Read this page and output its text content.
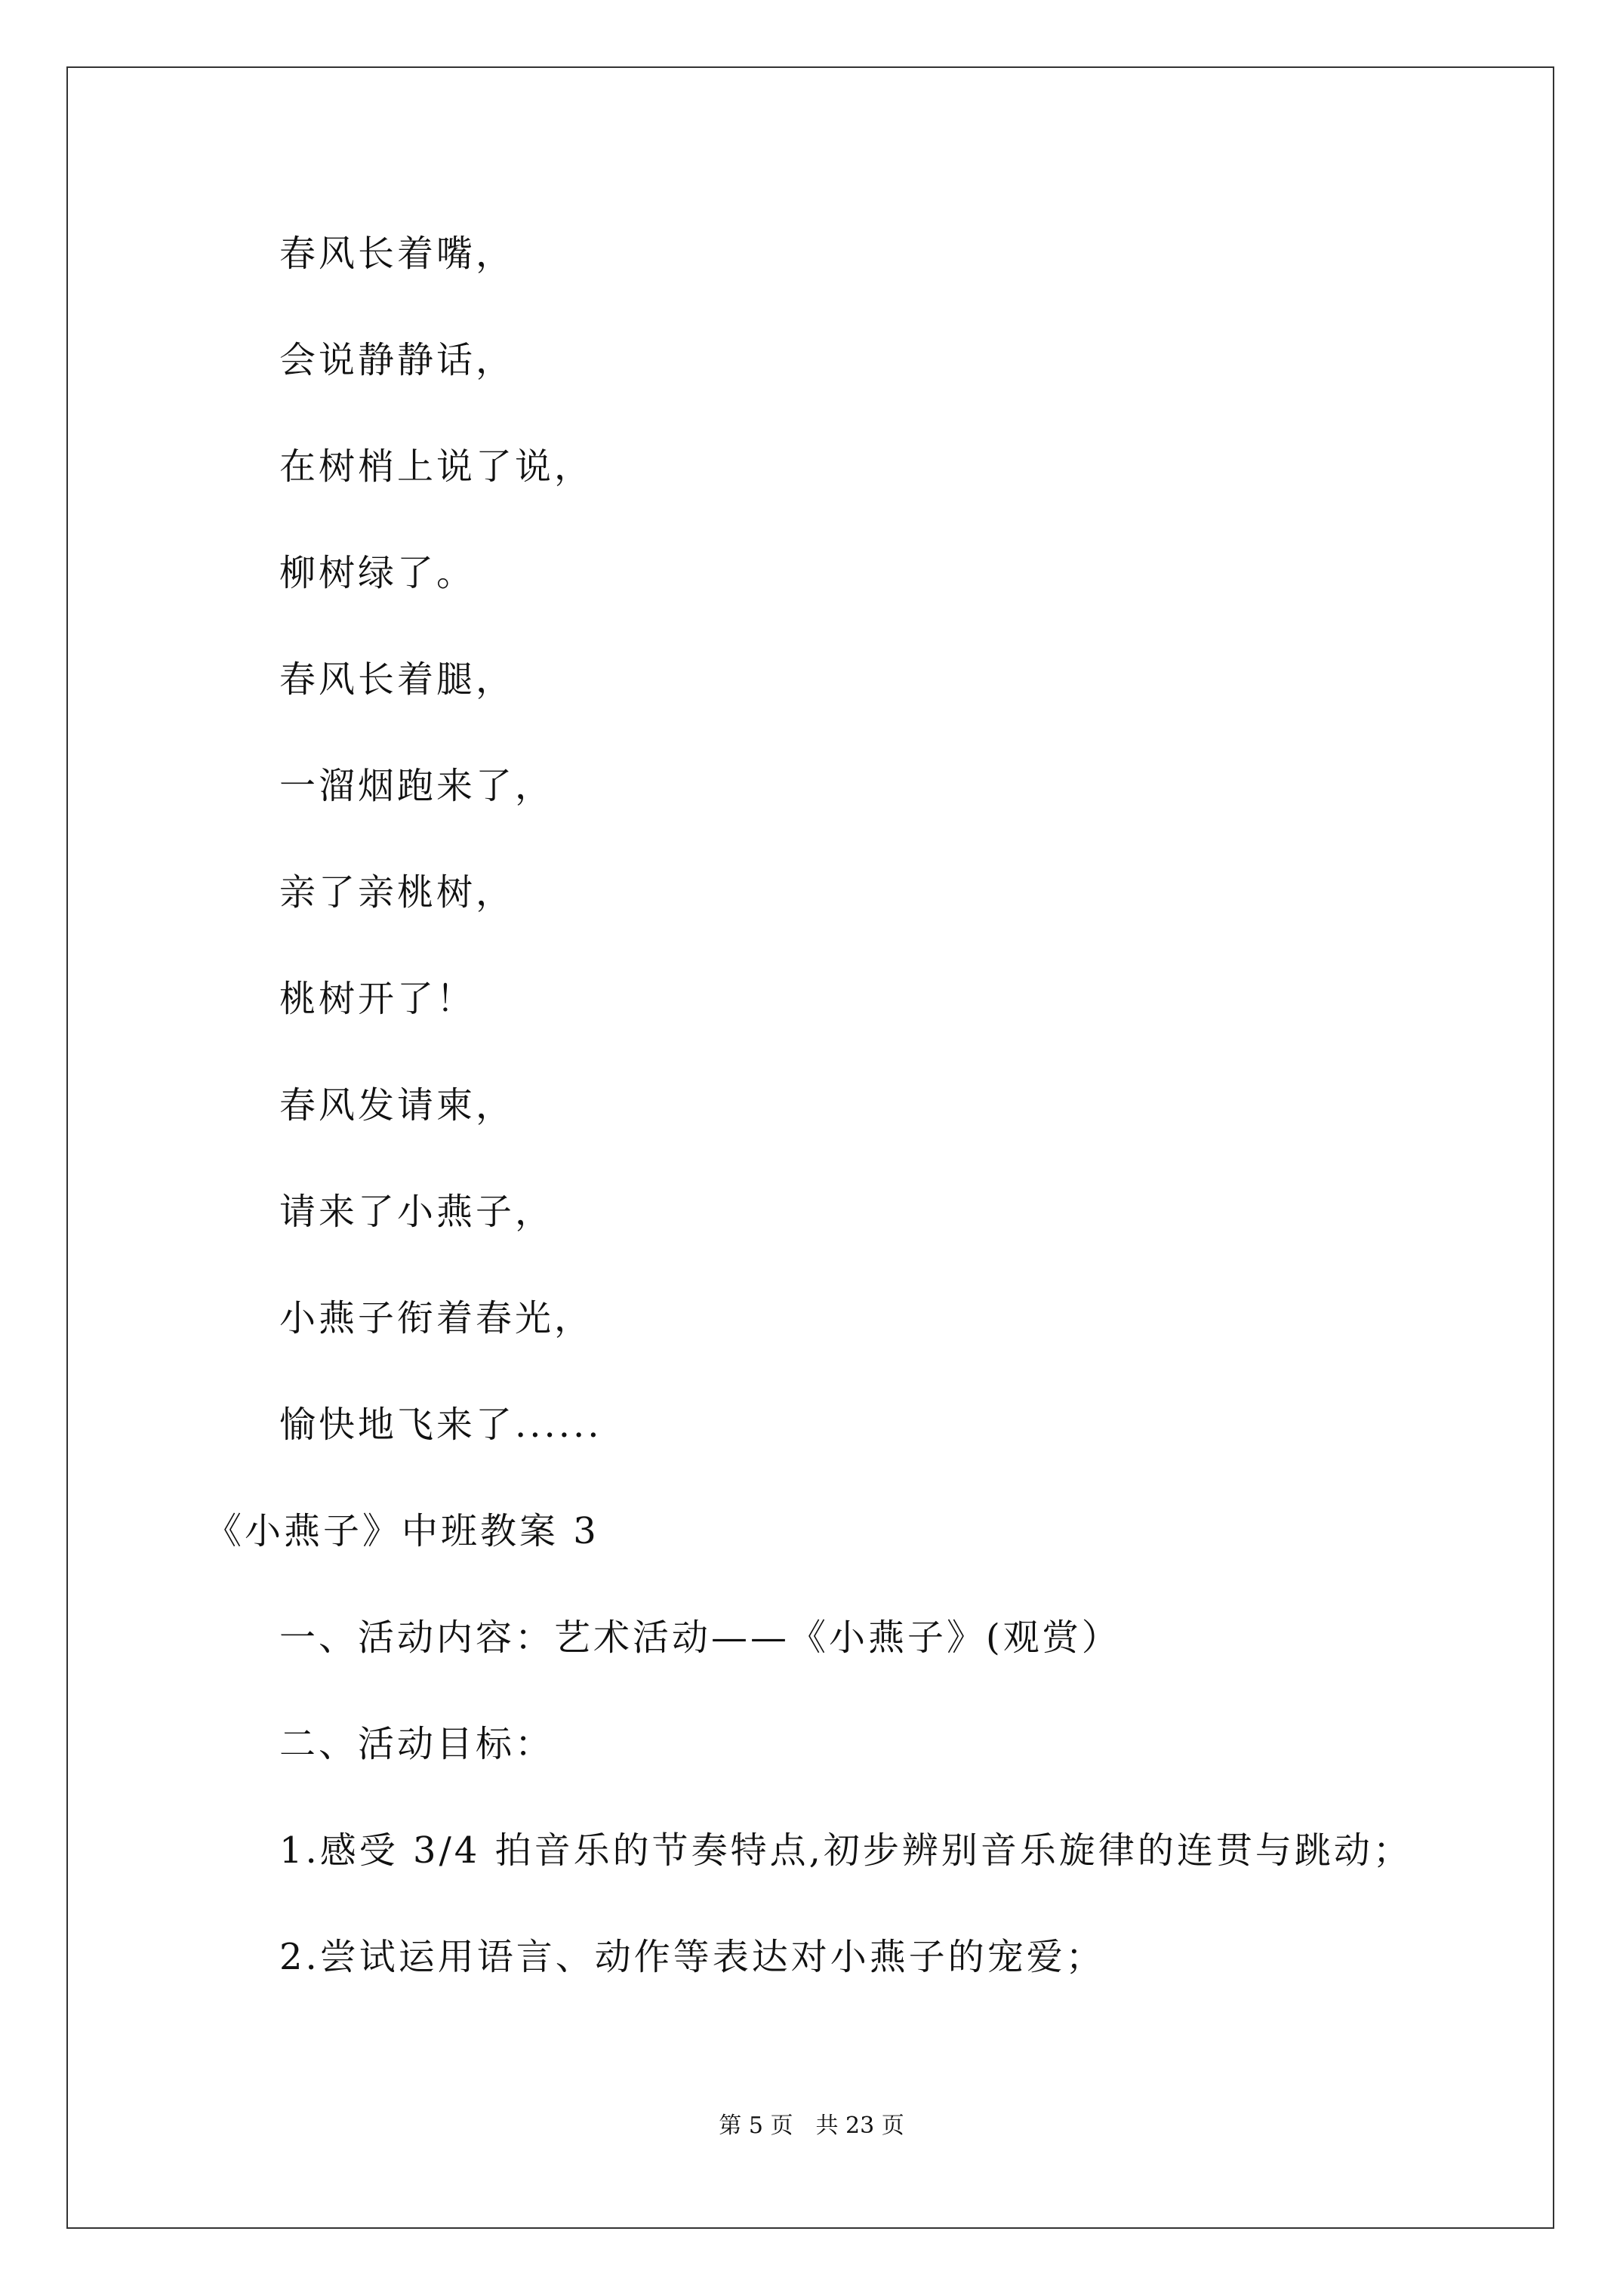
春风长着嘴，
会说静静话，
在树梢上说了说，
柳树绿了。
春风长着腿，
一溜烟跑来了，
亲了亲桃树，
桃树开了！
春风发请柬，
请来了小燕子，
小燕子衔着春光，
愉快地飞来了......
《小燕子》中班教案 3
一、活动内容：艺术活动——《小燕子》(观赏）
二、活动目标：
1.感受 3/4 拍音乐的节奏特点,初步辨别音乐旋律的连贯与跳动；
2.尝试运用语言、动作等表达对小燕子的宠爱；
第 5 页　共 23 页
